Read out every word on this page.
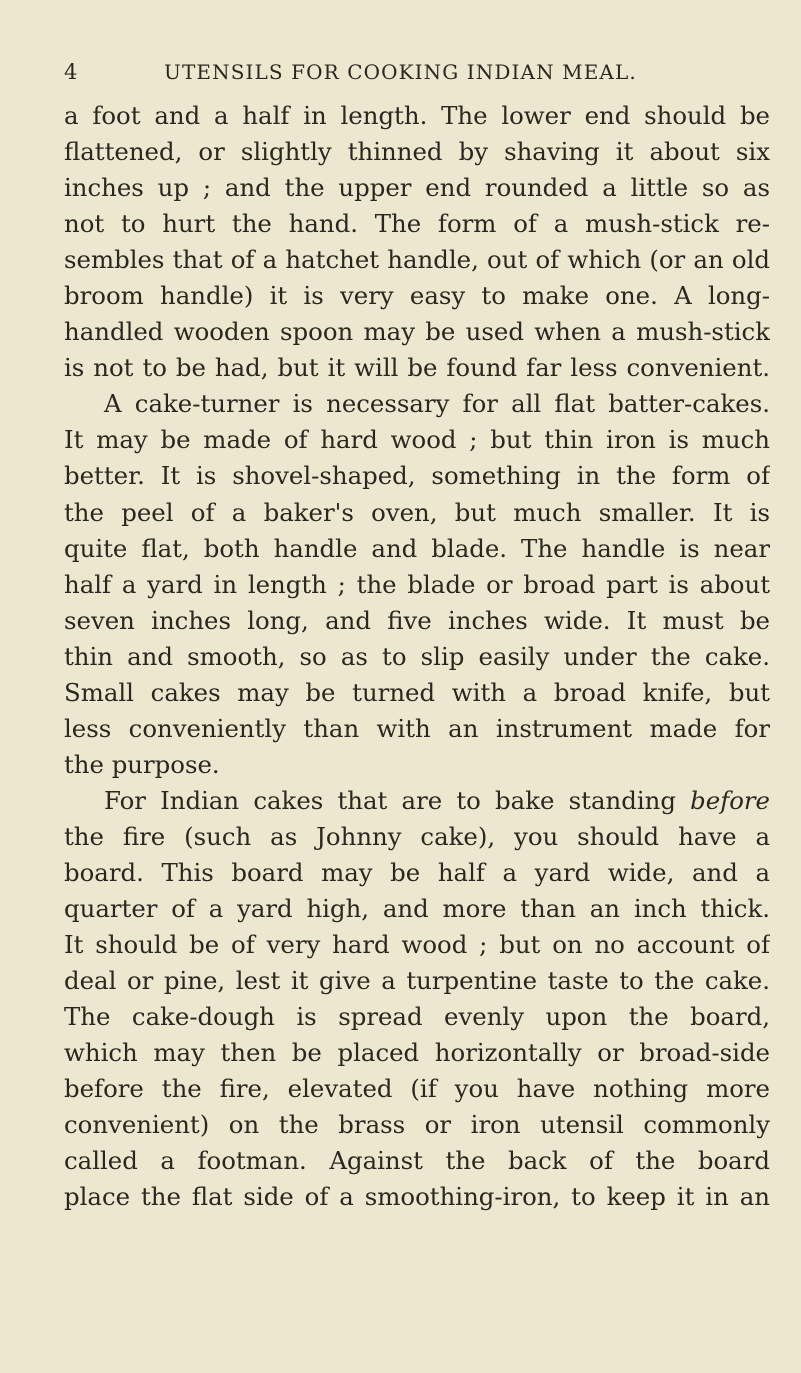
4	UTENSILS FOR COOKING INDIAN MEAL.
a foot and a half in length. The lower end should be
flattened, or slightly thinned by shaving it about six
inches up ; and the upper end rounded a little so as
not to hurt the hand. The form of a mush-stick re-
sembles that of a hatchet handle, out of which (or an old
broom handle) it is very easy to make one. A long-
handled wooden spoon may be used when a mush-stick
is not to be had, but it will be found far less convenient.
A cake-turner is necessary for all flat batter-cakes.
It may be made of hard wood ; but thin iron is much
better. It is shovel-shaped, something in the form of
the peel of a baker's oven, but much smaller. It is
quite flat, both handle and blade. The handle is near
half a yard in length ; the blade or broad part is about
seven inches long, and five inches wide. It must be
thin and smooth, so as to slip easily under the cake.
Small cakes may be turned with a broad knife, but
less conveniently than with an instrument made for
the purpose.
For Indian cakes that are to bake standing before
the fire (such as Johnny cake), you should have a
board. This board may be half a yard wide, and a
quarter of a yard high, and more than an inch thick.
It should be of very hard wood ; but on no account of
deal or pine, lest it give a turpentine taste to the cake.
The cake-dough is spread evenly upon the board,
which may then be placed horizontally or broad-side
before the fire, elevated (if you have nothing more
convenient) on the brass or iron utensil commonly
called a footman. Against the back of the board
place the flat side of a smoothing-iron, to keep it in an
